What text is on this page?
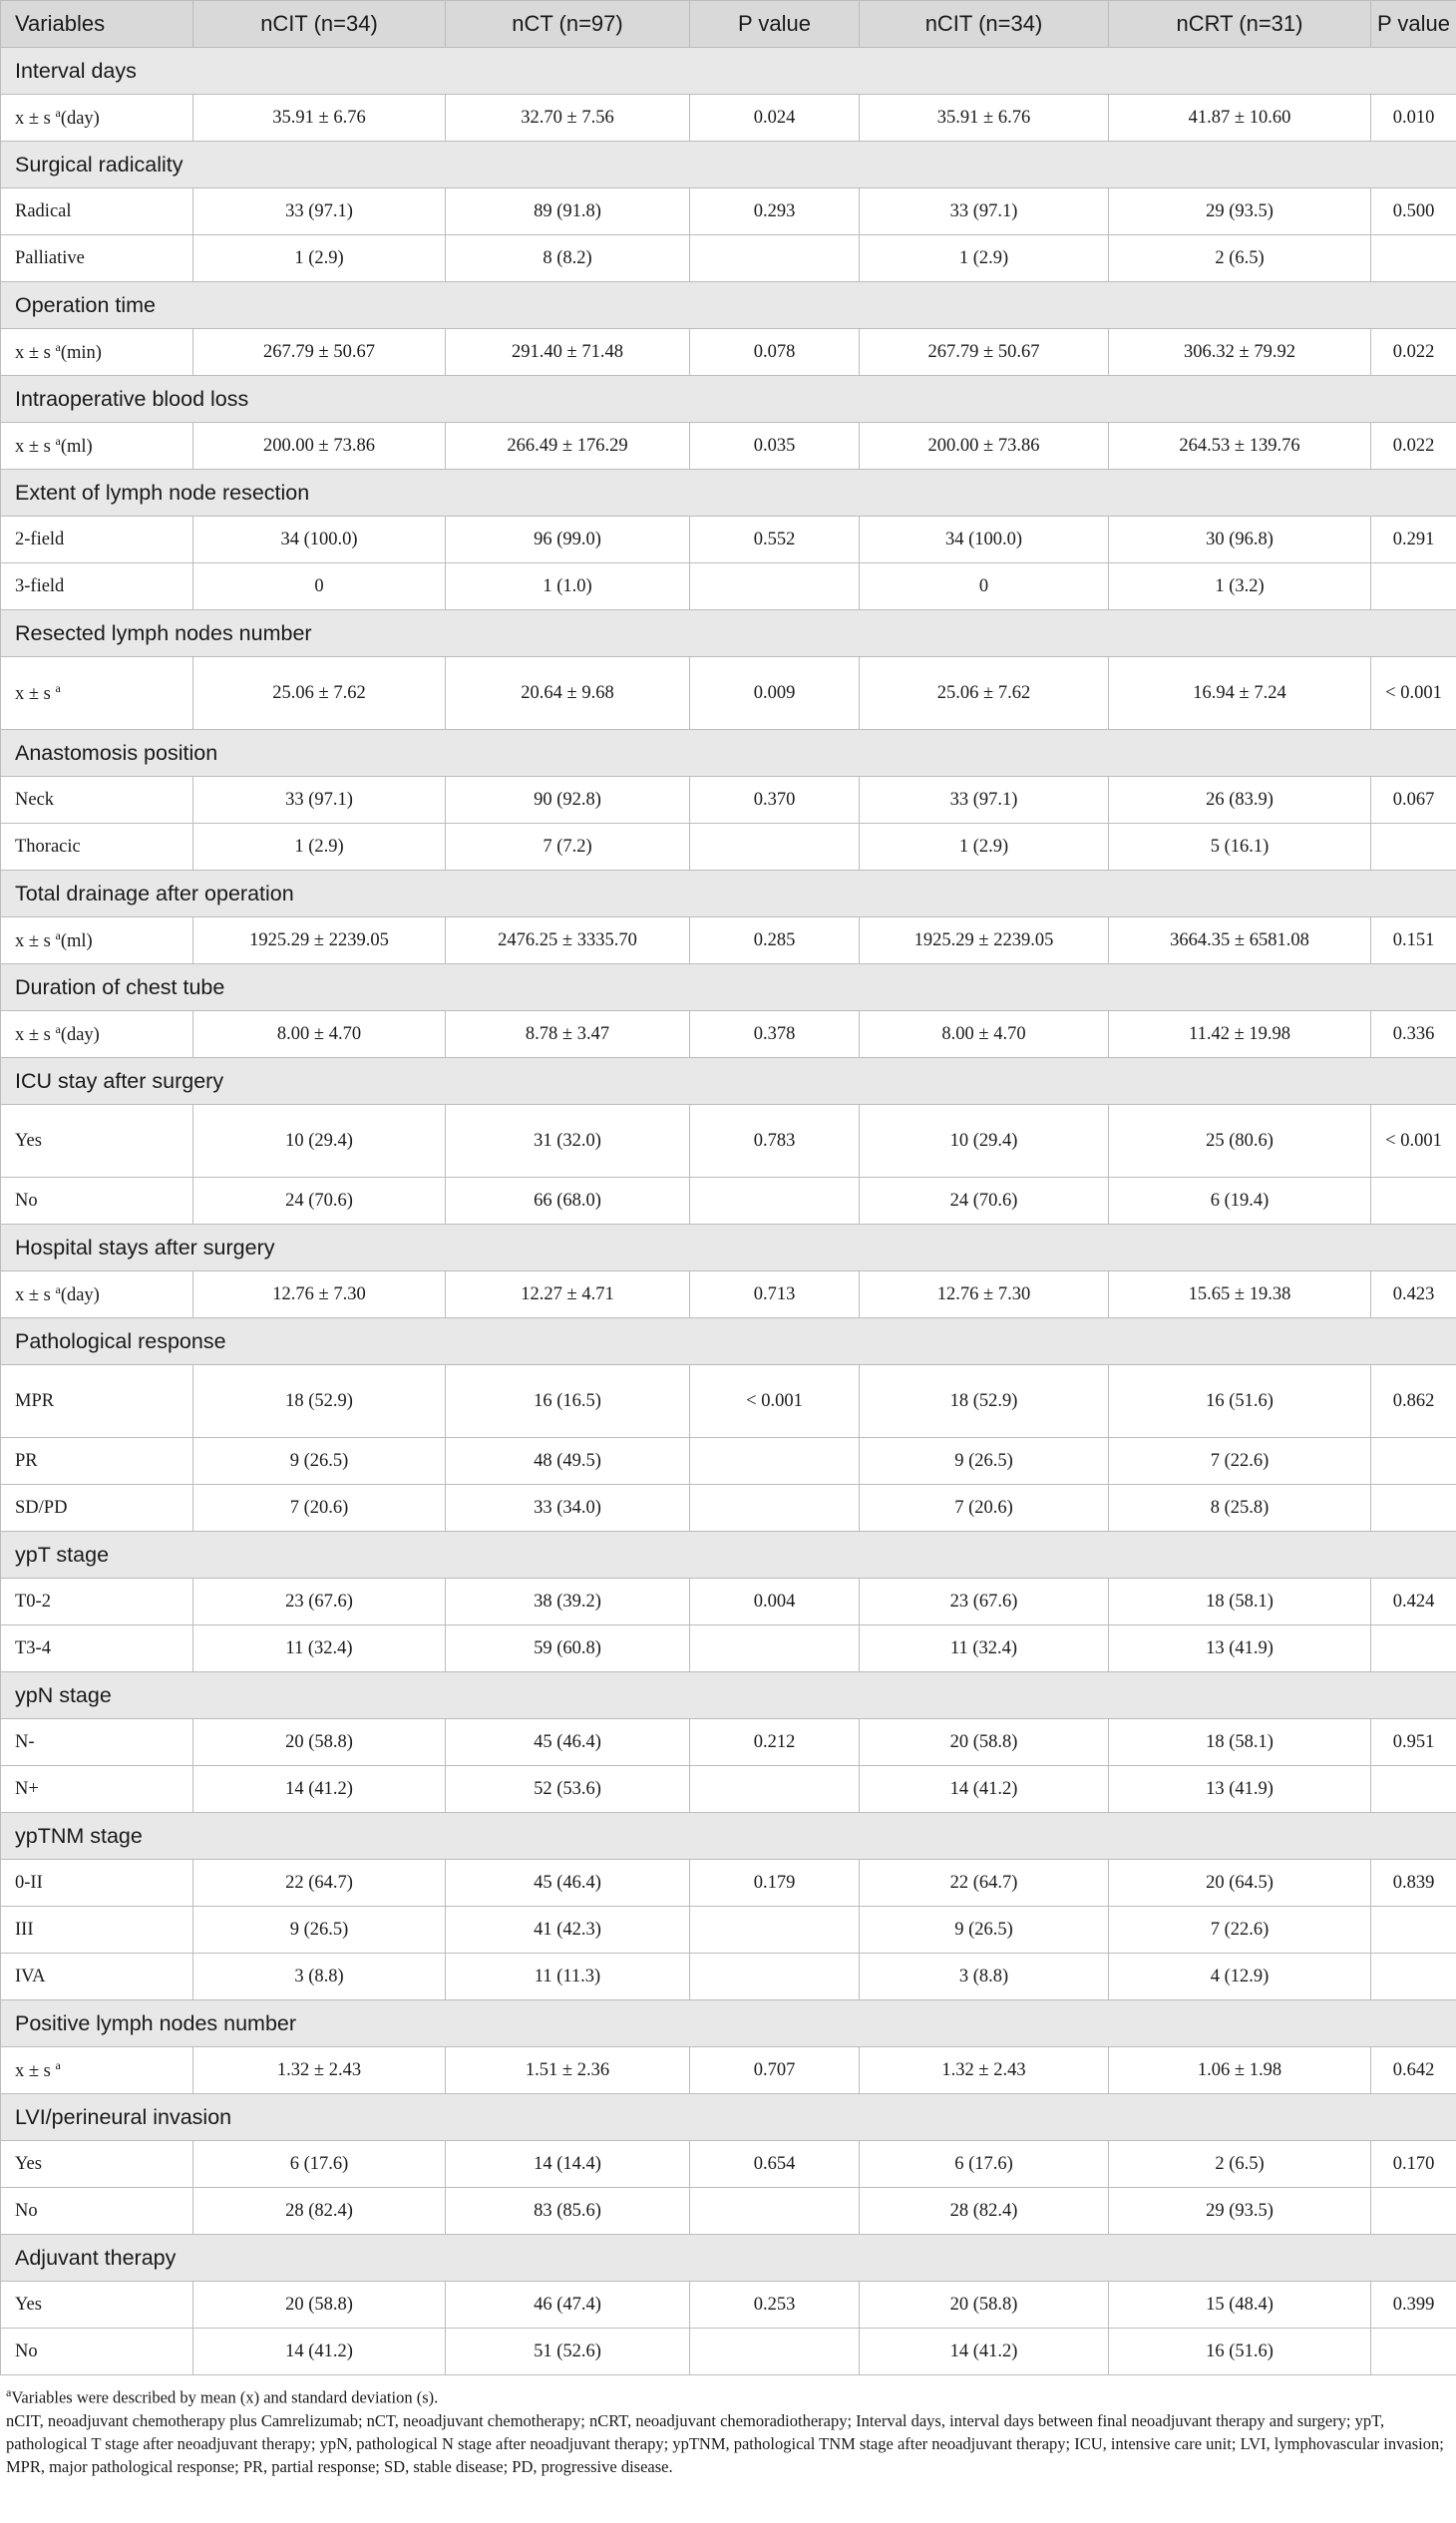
Variables	nCIT (n=34)	nCT (n=97)	P value	nCIT (n=34)	nCRT (n=31)	P value
Interval days						
x ± s $^a$(day)	35.91 ± 6.76	32.70 ± 7.56	0.024	35.91 ± 6.76	41.87 ± 10.60	0.010
Surgical radicality						
Radical	33 (97.1)	89 (91.8)	0.293	33 (97.1)	29 (93.5)	0.500
Palliative	1 (2.9)	8 (8.2)		1 (2.9)	2 (6.5)	
Operation time						
x ± s $^a$(min)	267.79 ± 50.67	291.40 ± 71.48	0.078	267.79 ± 50.67	306.32 ± 79.92	0.022
Intraoperative blood loss						
x ± s $^a$(ml)	200.00 ± 73.86	266.49 ± 176.29	0.035	200.00 ± 73.86	264.53 ± 139.76	0.022
Extent of lymph node resection						
2-field	34 (100.0)	96 (99.0)	0.552	34 (100.0)	30 (96.8)	0.291
3-field	0	1 (1.0)		0	1 (3.2)	
Resected lymph nodes number						
x ± s $^a$	25.06 ± 7.62	20.64 ± 9.68	0.009	25.06 ± 7.62	16.94 ± 7.24	< 0.001
Anastomosis position						
Neck	33 (97.1)	90 (92.8)	0.370	33 (97.1)	26 (83.9)	0.067
Thoracic	1 (2.9)	7 (7.2)		1 (2.9)	5 (16.1)	
Total drainage after operation						
x ± s $^a$(ml)	1925.29 ± 2239.05	2476.25 ± 3335.70	0.285	1925.29 ± 2239.05	3664.35 ± 6581.08	0.151
Duration of chest tube						
x ± s $^a$(day)	8.00 ± 4.70	8.78 ± 3.47	0.378	8.00 ± 4.70	11.42 ± 19.98	0.336
ICU stay after surgery						
Yes	10 (29.4)	31 (32.0)	0.783	10 (29.4)	25 (80.6)	< 0.001
No	24 (70.6)	66 (68.0)		24 (70.6)	6 (19.4)	
Hospital stays after surgery						
x ± s $^a$(day)	12.76 ± 7.30	12.27 ± 4.71	0.713	12.76 ± 7.30	15.65 ± 19.38	0.423
Pathological response						
MPR	18 (52.9)	16 (16.5)	< 0.001	18 (52.9)	16 (51.6)	0.862
PR	9 (26.5)	48 (49.5)		9 (26.5)	7 (22.6)	
SD/PD	7 (20.6)	33 (34.0)		7 (20.6)	8 (25.8)	
ypT stage						
T0-2	23 (67.6)	38 (39.2)	0.004	23 (67.6)	18 (58.1)	0.424
T3-4	11 (32.4)	59 (60.8)		11 (32.4)	13 (41.9)	
ypN stage						
N-	20 (58.8)	45 (46.4)	0.212	20 (58.8)	18 (58.1)	0.951
N+	14 (41.2)	52 (53.6)		14 (41.2)	13 (41.9)	
ypTNM stage						
0-II	22 (64.7)	45 (46.4)	0.179	22 (64.7)	20 (64.5)	0.839
III	9 (26.5)	41 (42.3)		9 (26.5)	7 (22.6)	
IVA	3 (8.8)	11 (11.3)		3 (8.8)	4 (12.9)	
Positive lymph nodes number						
x ± s $^a$	1.32 ± 2.43	1.51 ± 2.36	0.707	1.32 ± 2.43	1.06 ± 1.98	0.642
LVI/perineural invasion						
Yes	6 (17.6)	14 (14.4)	0.654	6 (17.6)	2 (6.5)	0.170
No	28 (82.4)	83 (85.6)		28 (82.4)	29 (93.5)	
Adjuvant therapy						
Yes	20 (58.8)	46 (47.4)	0.253	20 (58.8)	15 (48.4)	0.399
No	14 (41.2)	51 (52.6)		14 (41.2)	16 (51.6)	

$^a$Variables were described by mean (x) and standard deviation (s).

nCIT, neoadjuvant chemotherapy plus Camrelizumab; nCT, neoadjuvant chemotherapy; nCRT, neoadjuvant chemoradiotherapy; Interval days, interval days between final neoadjuvant therapy and surgery; ypT, pathological T stage after neoadjuvant therapy; ypN, pathological N stage after neoadjuvant therapy; ypTNM, pathological TNM stage after neoadjuvant therapy; ICU, intensive care unit; LVI, lymphovascular invasion; MPR, major pathological response; PR, partial response; SD, stable disease; PD, progressive disease.
